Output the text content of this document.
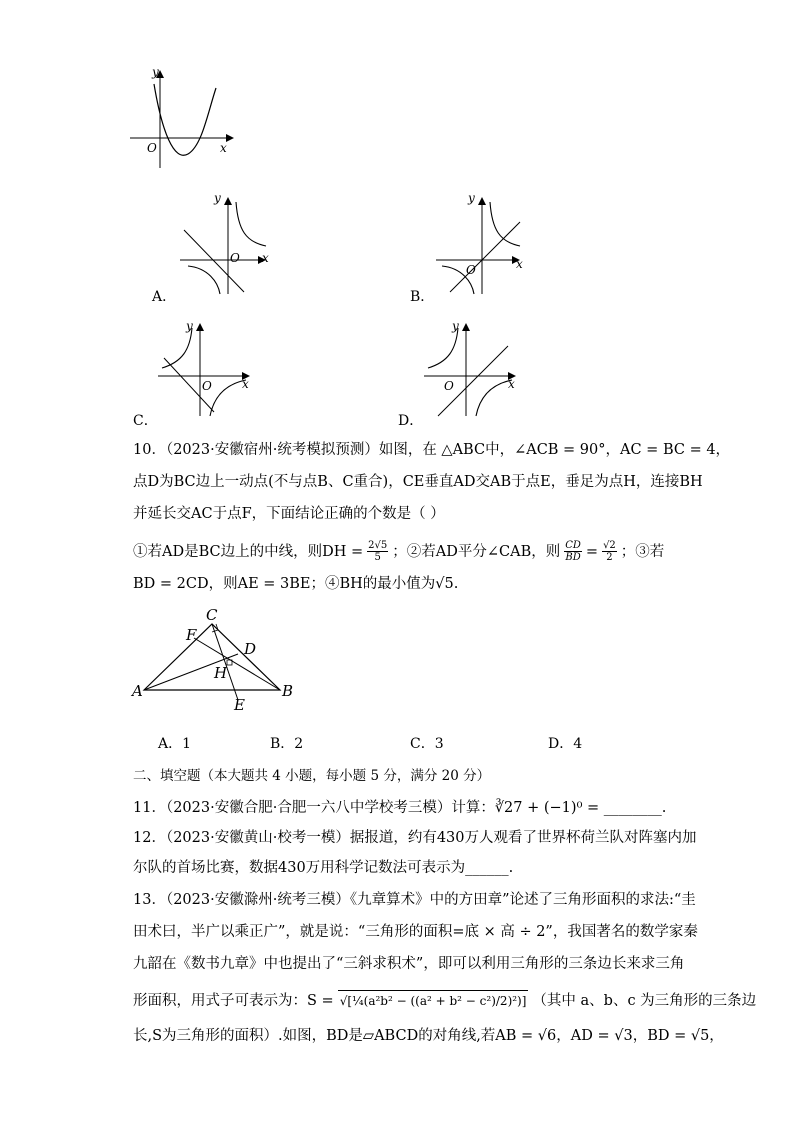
y
x
O
A．
y
x
O
B．
y
x
O
C．
y
x
O
D．
y
x
O
10．（2023·安徽宿州·统考模拟预测）如图，在 △ABC中，∠ACB = 90°，AC = BC = 4，
点D为BC边上一动点(不与点B、C重合)，CE垂直AD交AB于点E，垂足为点H，连接BH
并延长交AC于点F，下面结论正确的个数是（ ）
①若AD是BC边上的中线，则DH = $\frac{2√5}{5}$ ；②若AD平分∠CAB，则 $\frac{CD}{BD} = \frac{√2}{2}$ ；③若
BD = 2CD，则AE = 3BE；④BH的最小值为√5.
A	B
C
D
E
F
H
A．1	B．2	C．3	D．4
二、填空题（本大题共 4 小题，每小题 5 分，满分 20 分）
11．（2023·安徽合肥·合肥一六八中学校考三模）计算：∛27 + (−1)⁰ = ________.
12．（2023·安徽黄山·校考一模）据报道，约有430万人观看了世界杯荷兰队对阵塞内加
尔队的首场比赛，数据430万用科学记数法可表示为______.
13．（2023·安徽滁州·统考三模）《九章算术》中的方田章”论述了三角形面积的求法:“圭
田术曰，半广以乘正广”，就是说：“三角形的面积=底 × 高 ÷ 2”，我国著名的数学家秦
九韶在《数书九章》中也提出了“三斜求积术”，即可以利用三角形的三条边长来求三角
形面积，用式子可表示为：S = √[¼(a²b² − ((a² + b² − c²)/2)²)] （其中 a、b、c 为三角形的三条边
长,S为三角形的面积）.如图，BD是▱ABCD的对角线,若AB = √6，AD = √3，BD = √5，
